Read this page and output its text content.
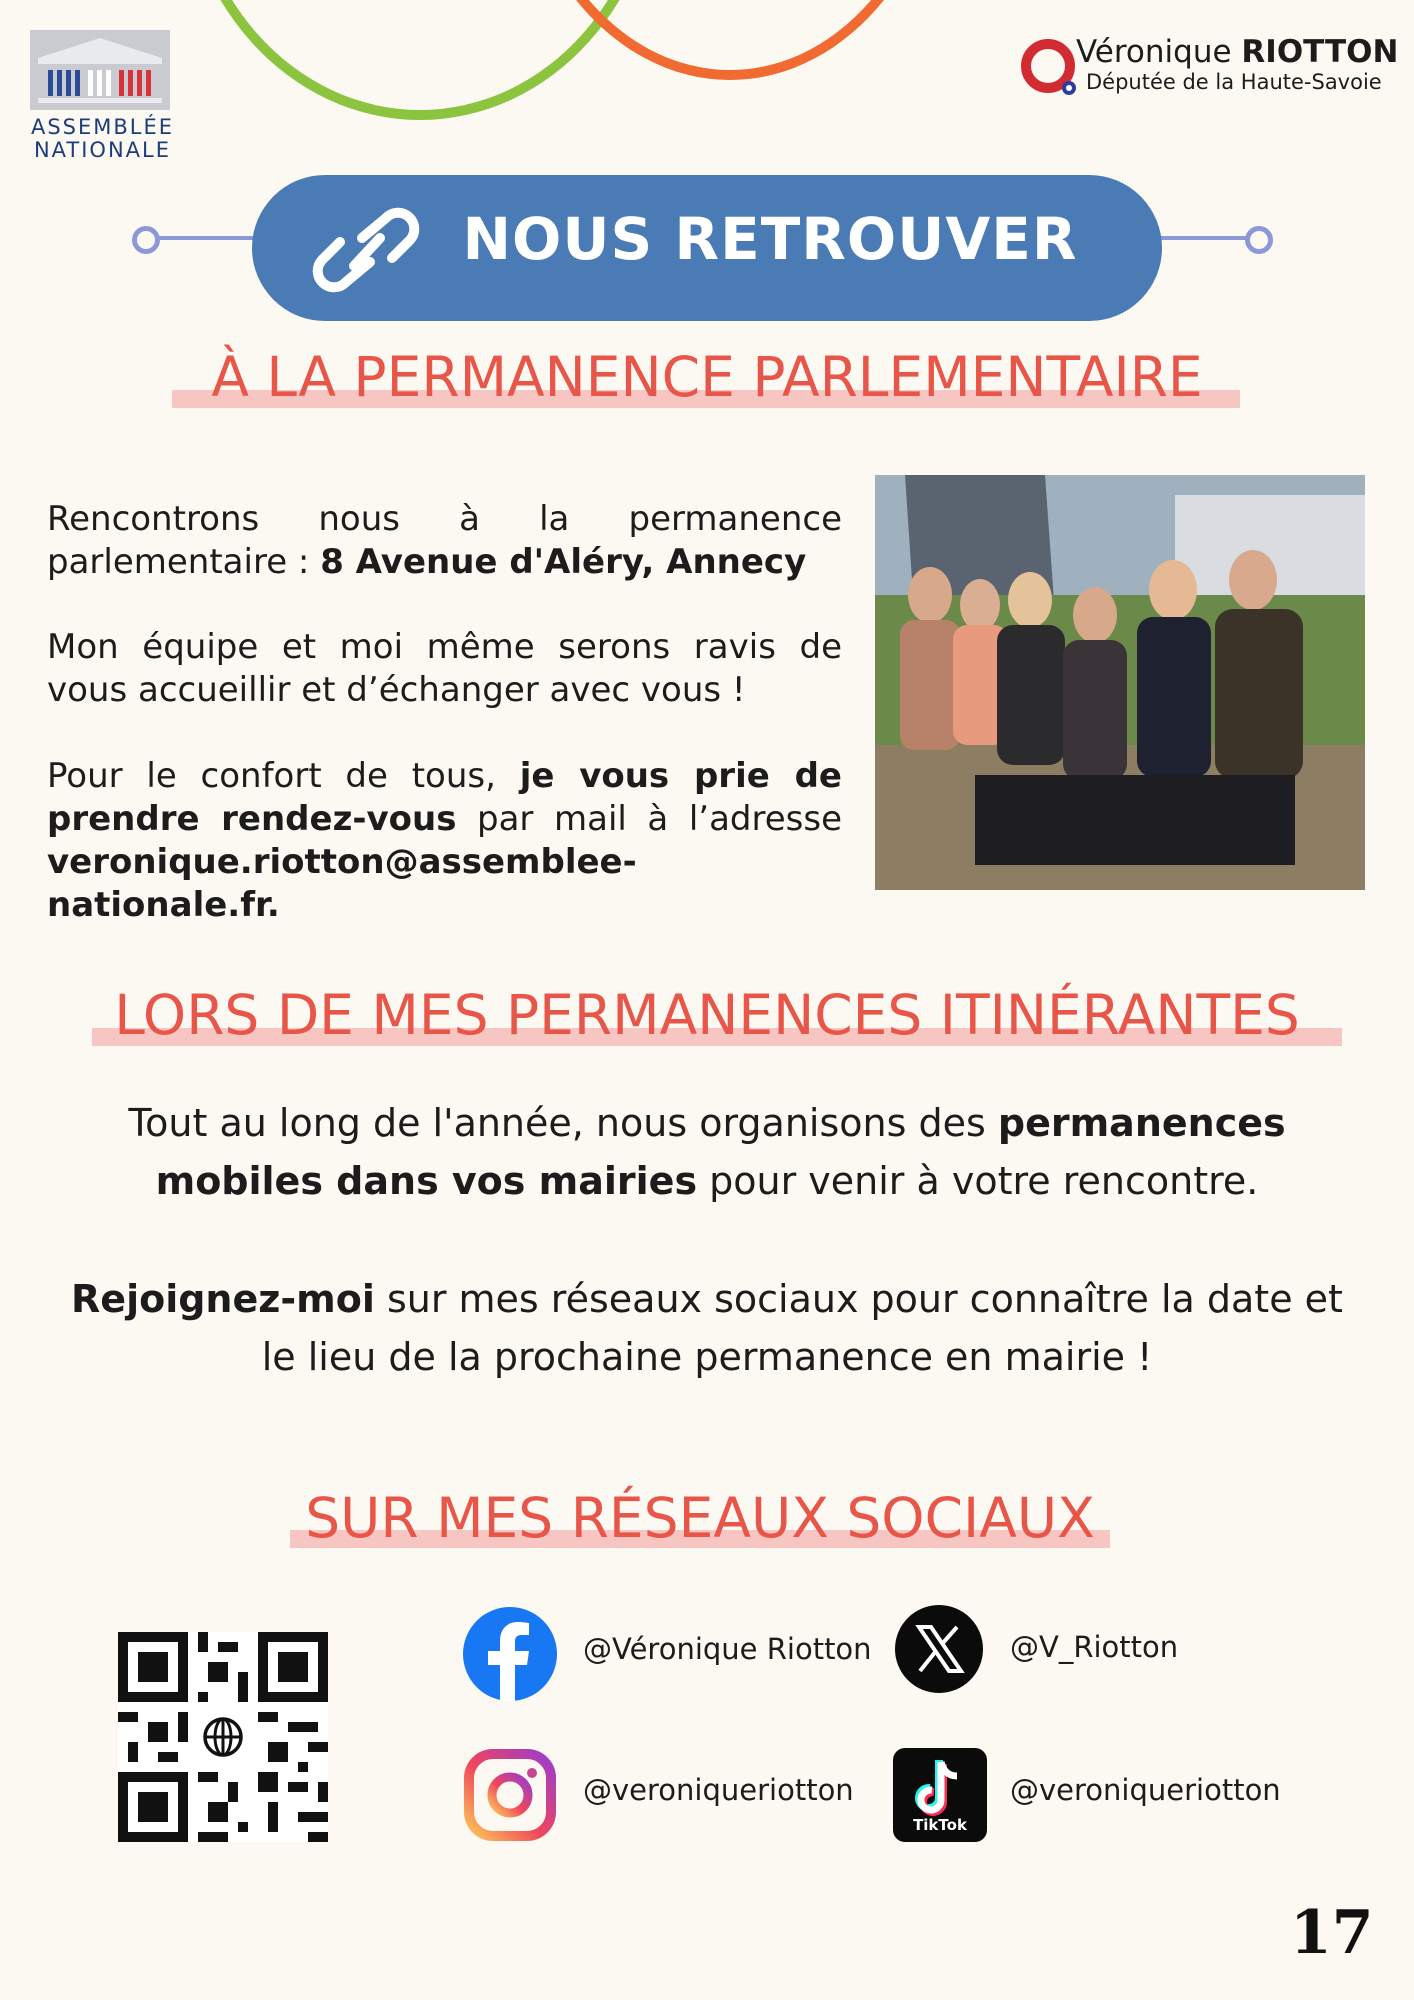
ASSEMBLÉE
NATIONALE
Véronique RIOTTON
Députée de la Haute-Savoie
NOUS RETROUVER
À LA PERMANENCE PARLEMENTAIRE
Rencontrons nous à la permanence parlementaire : 8 Avenue d'Aléry, Annecy
Mon équipe et moi même serons ravis de vous accueillir et d’échanger avec vous !
Pour le confort de tous, je vous prie de prendre rendez-vous par mail à l’adresse veronique.riotton@assemblee-nationale.fr.
LORS DE MES PERMANENCES ITINÉRANTES
Tout au long de l'année, nous organisons des permanences mobiles dans vos mairies pour venir à votre rencontre.
Rejoignez-moi sur mes réseaux sociaux pour connaître la date et le lieu de la prochaine permanence en mairie !
SUR MES RÉSEAUX SOCIAUX
@Véronique Riotton	@V_Riotton
@veroniqueriotton
TikTok
@veroniqueriotton
17
